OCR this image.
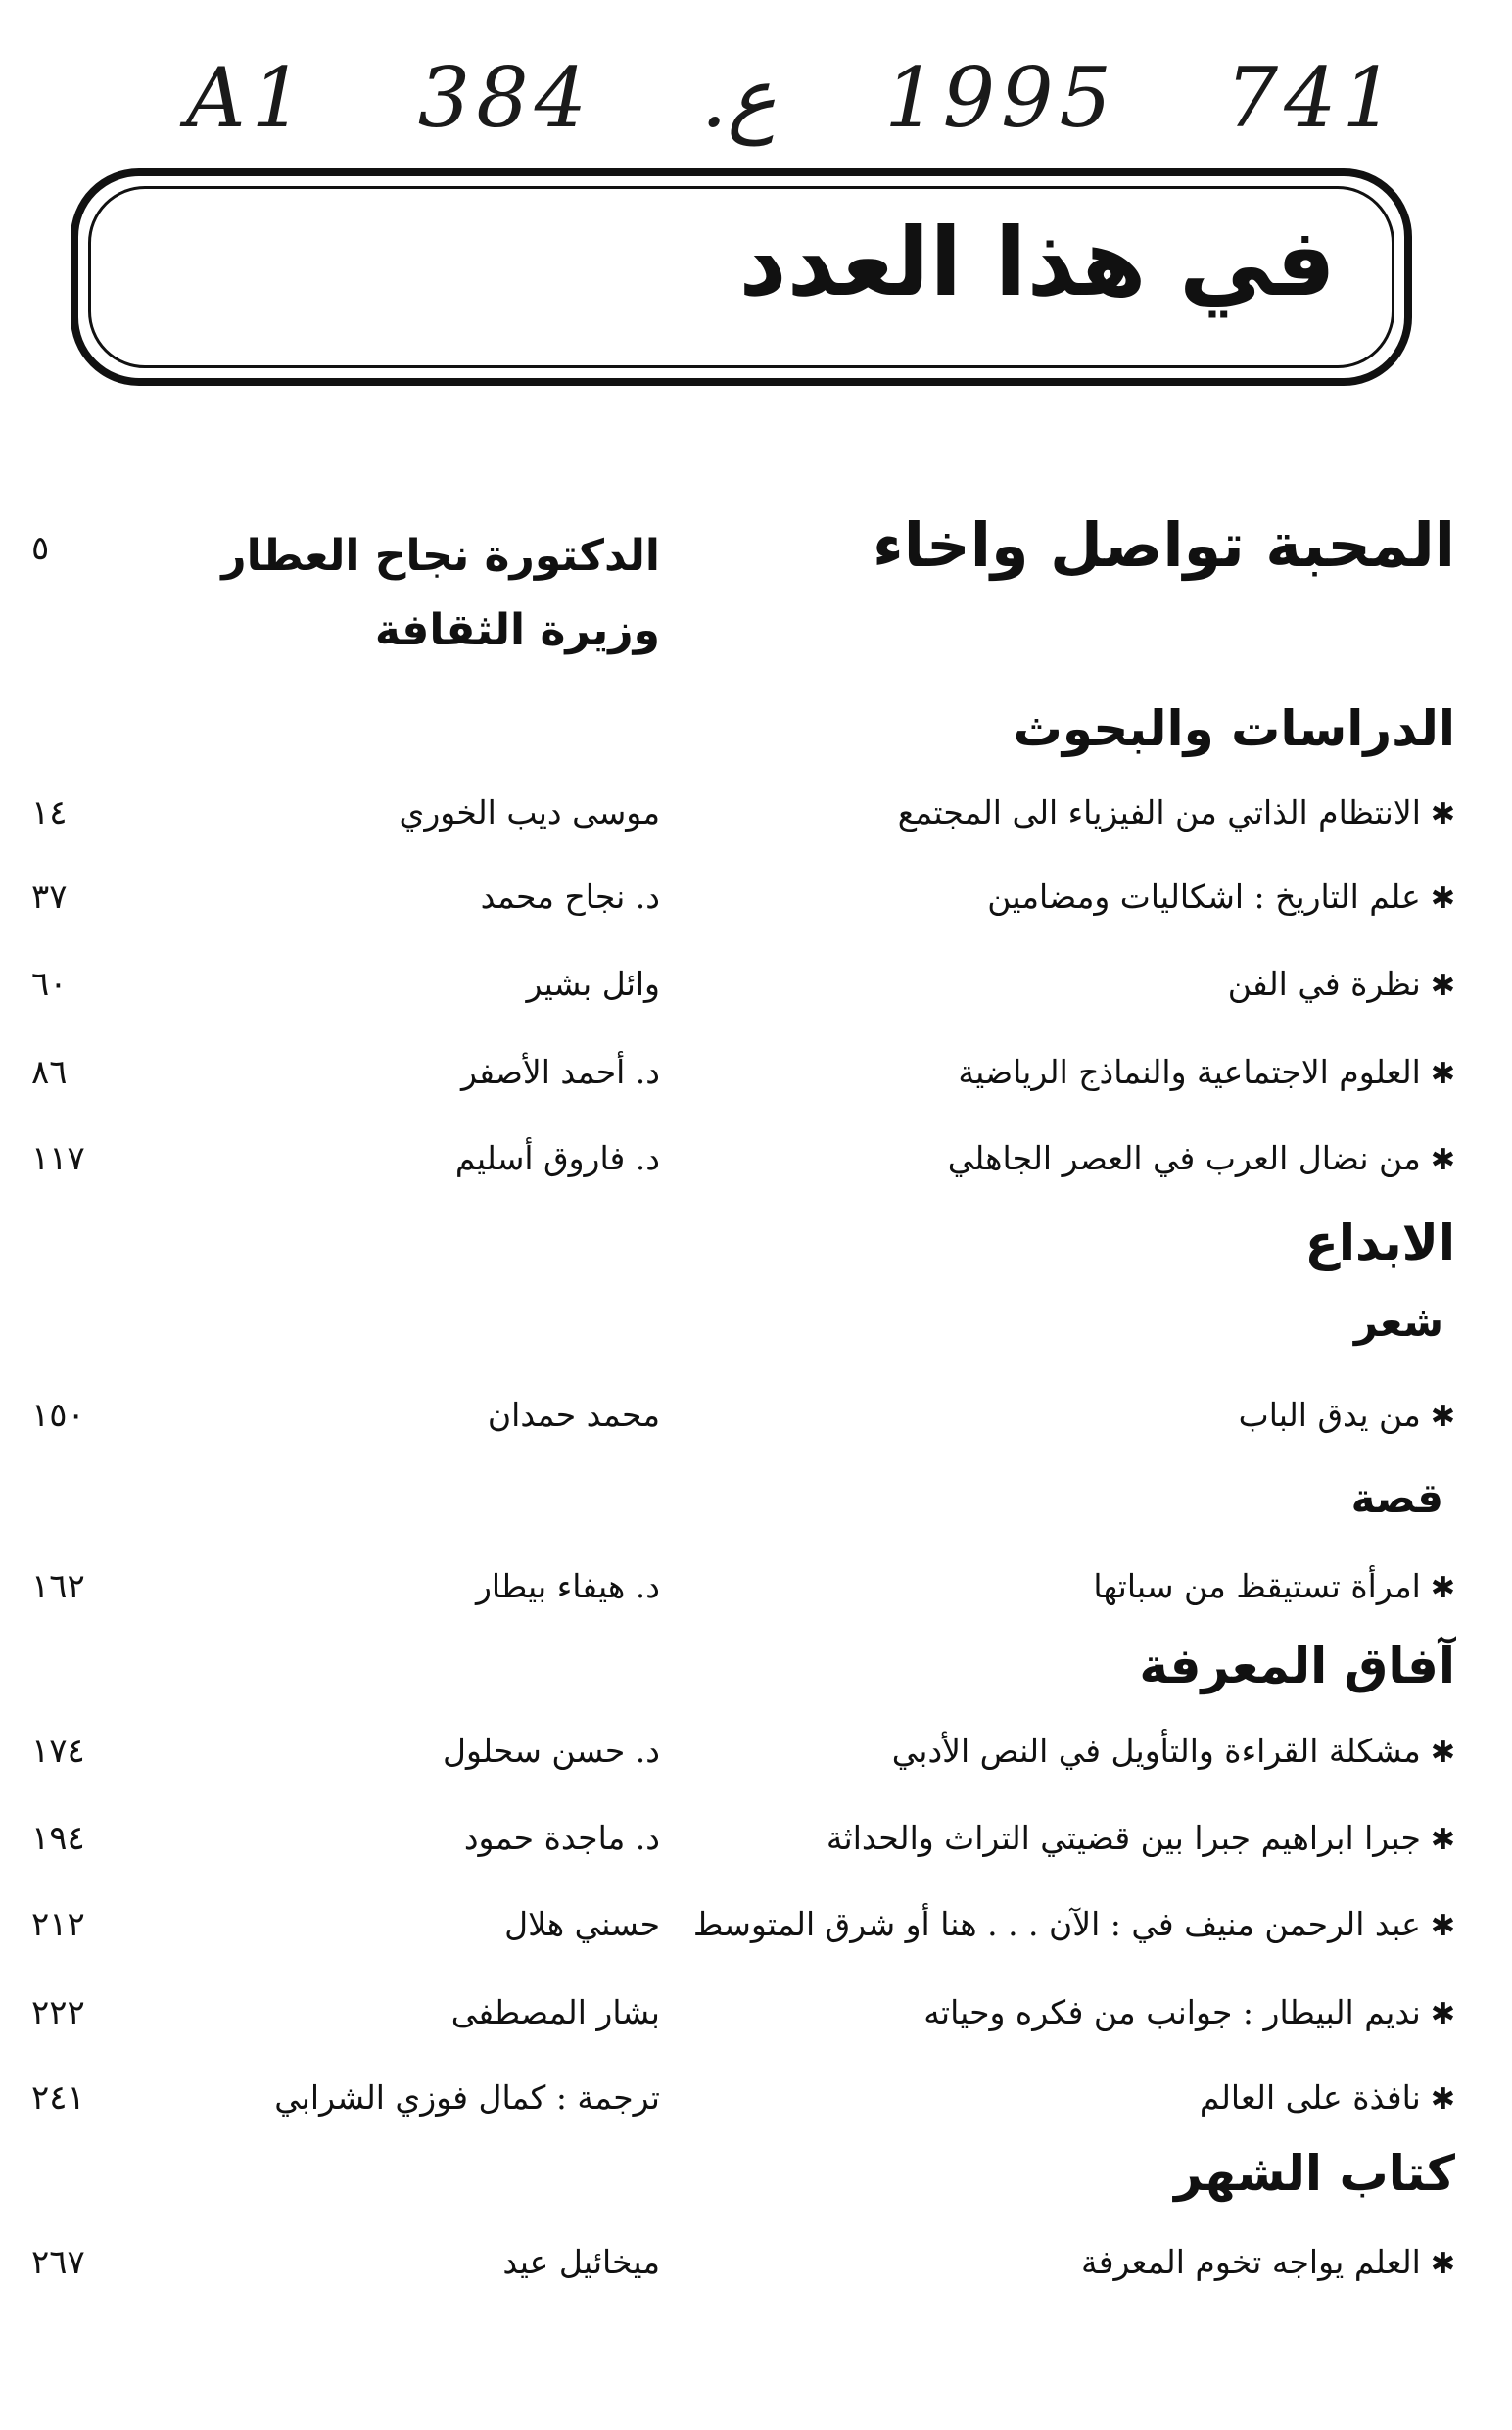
A1 384 .ع 1995 741
في هذا العدد
المحبة تواصل واخاء
الدكتورة نجاح العطار
وزيرة الثقافة
٥
الدراسات والبحوث
✱الانتظام الذاتي من الفيزياء الى المجتمع
موسى ديب الخوري
١٤
✱علم التاريخ : اشكاليات ومضامين
د. نجاح محمد
٣٧
✱نظرة في الفن
وائل بشير
٦٠
✱العلوم الاجتماعية والنماذج الرياضية
د. أحمد الأصفر
٨٦
✱من نضال العرب في العصر الجاهلي
د. فاروق أسليم
١١٧
الابداع
شعر
✱من يدق الباب
محمد حمدان
١٥٠
قصة
✱امرأة تستيقظ من سباتها
د. هيفاء بيطار
١٦٢
آفاق المعرفة
✱مشكلة القراءة والتأويل في النص الأدبي
د. حسن سحلول
١٧٤
✱جبرا ابراهيم جبرا بين قضيتي التراث والحداثة
د. ماجدة حمود
١٩٤
✱عبد الرحمن منيف في : الآن . . . هنا أو شرق المتوسط
حسني هلال
٢١٢
✱نديم البيطار : جوانب من فكره وحياته
بشار المصطفى
٢٢٢
✱نافذة على العالم
ترجمة : كمال فوزي الشرابي
٢٤١
كتاب الشهر
✱العلم يواجه تخوم المعرفة
ميخائيل عيد
٢٦٧
